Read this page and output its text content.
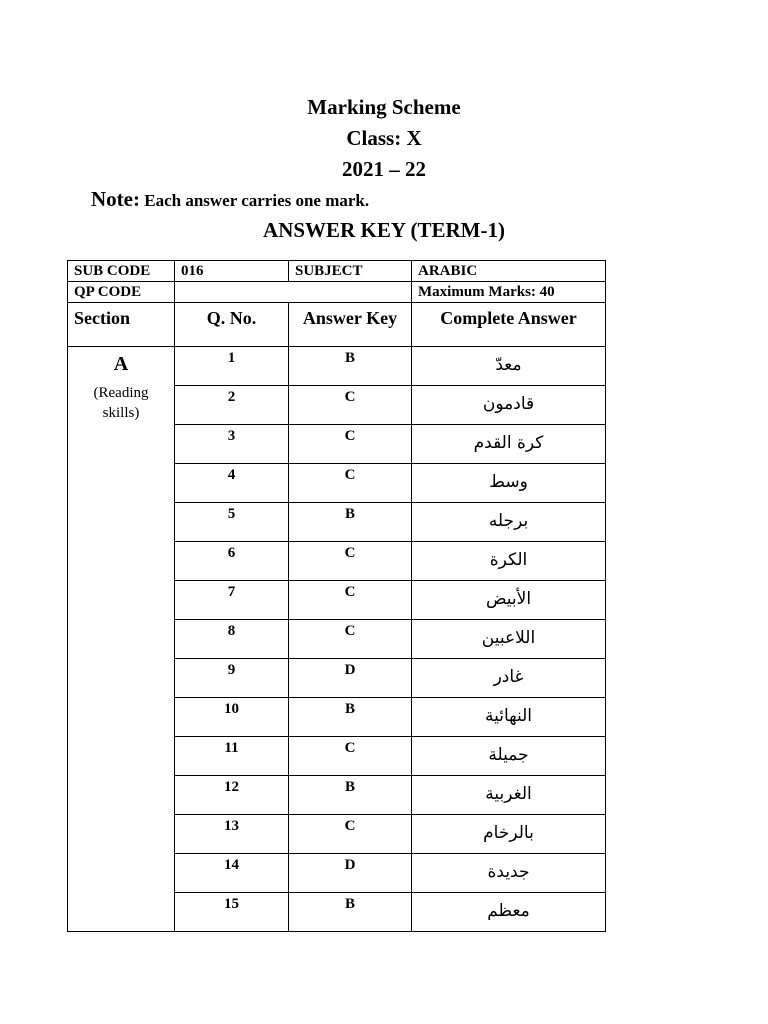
Marking Scheme
Class: X
2021 – 22
Note: Each answer carries one mark.
ANSWER KEY (TERM-1)
SUB CODE	016	SUBJECT	ARABIC
QP CODE			Maximum Marks: 40
Section	Q. No.	Answer Key	Complete Answer

A
(Reading skills)	1	B	معدّ
	2	C	قادمون
	3	C	كرة القدم
	4	C	وسط
	5	B	برجله
	6	C	الكرة
	7	C	الأبيض
	8	C	اللاعبين
	9	D	غادر
	10	B	النهائية
	11	C	جميلة
	12	B	الغربية
	13	C	بالرخام
	14	D	جديدة
	15	B	معظم
